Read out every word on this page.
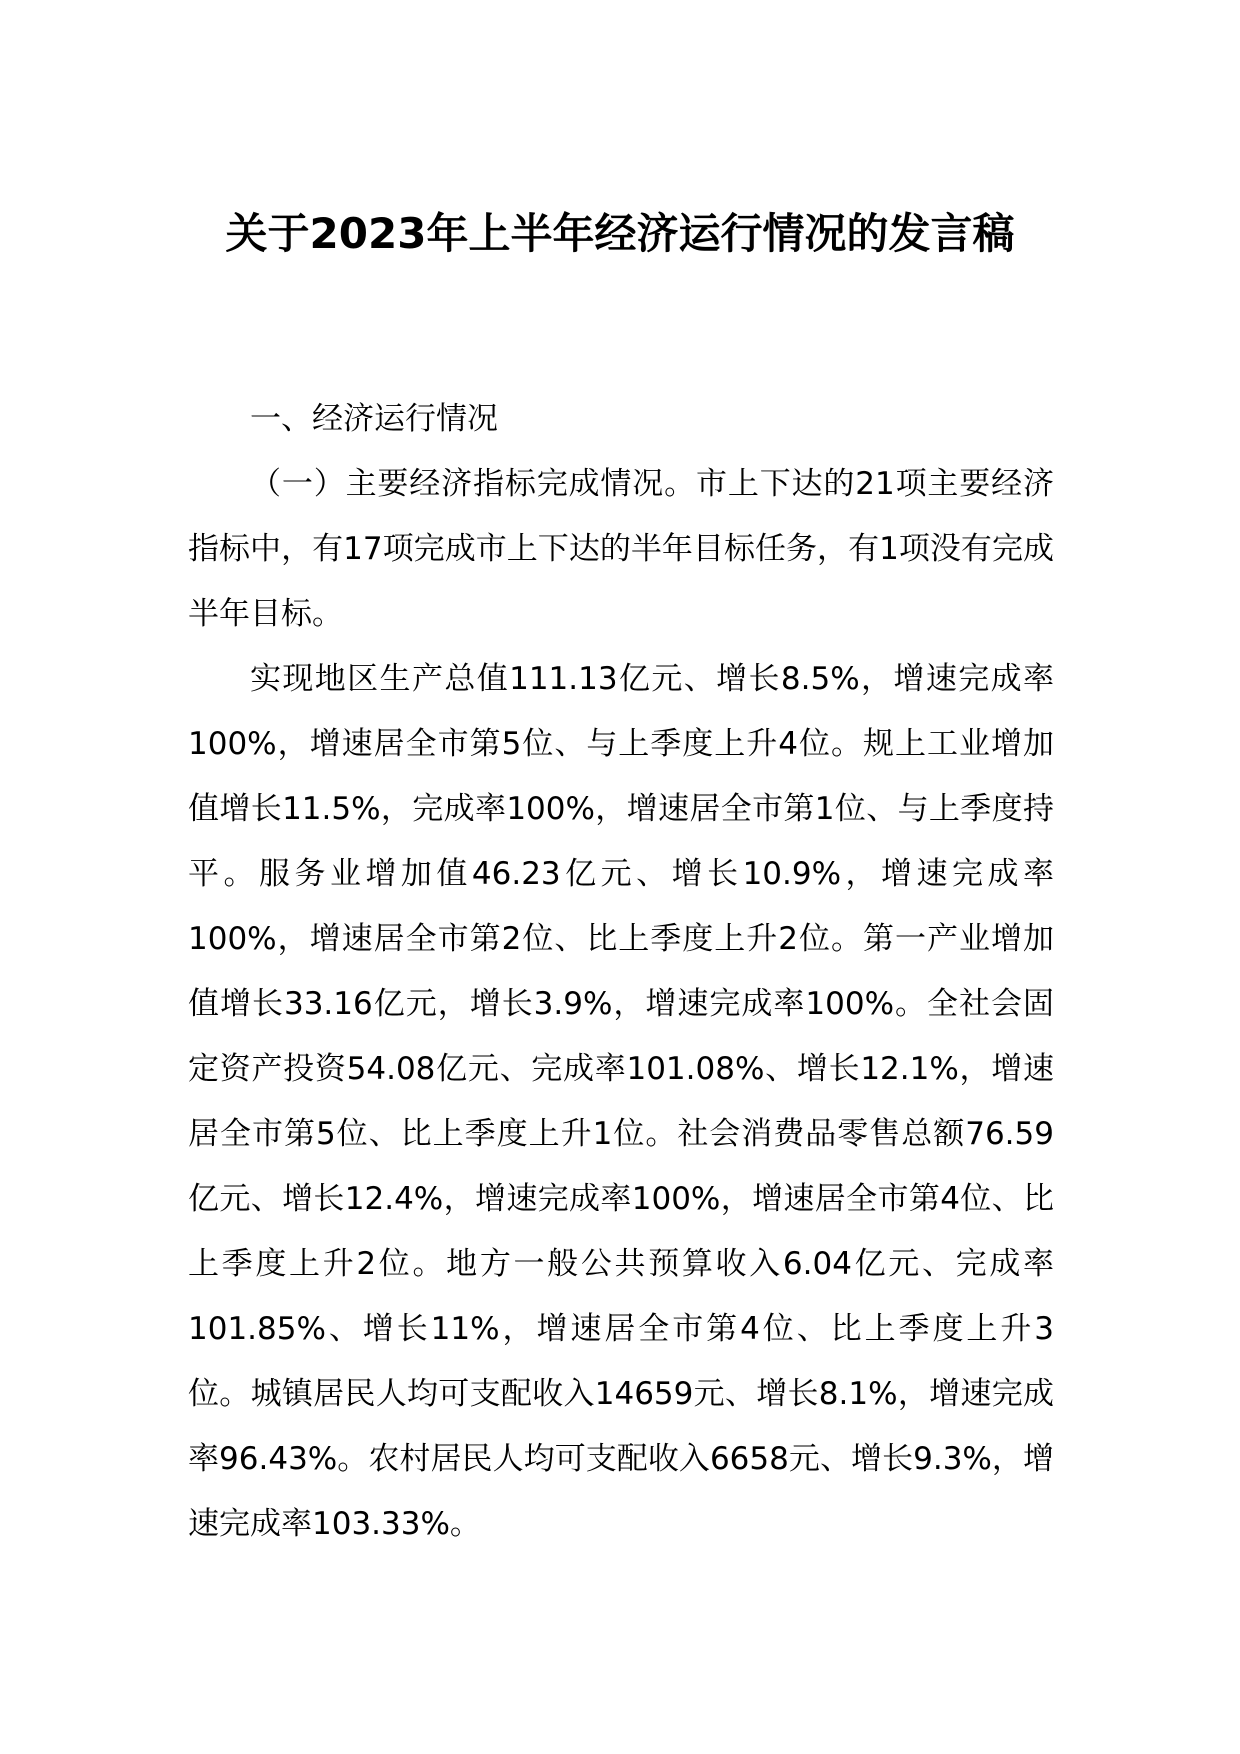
关于2023年上半年经济运行情况的发言稿

一、经济运行情况

（一）主要经济指标完成情况。市上下达的21项主要经济指标中，有17项完成市上下达的半年目标任务，有1项没有完成半年目标。

实现地区生产总值111.13亿元、增长8.5%，增速完成率100%，增速居全市第5位、与上季度上升4位。规上工业增加值增长11.5%，完成率100%，增速居全市第1位、与上季度持平。服务业增加值46.23亿元、增长10.9%，增速完成率100%，增速居全市第2位、比上季度上升2位。第一产业增加值增长33.16亿元，增长3.9%，增速完成率100%。全社会固定资产投资54.08亿元、完成率101.08%、增长12.1%，增速居全市第5位、比上季度上升1位。社会消费品零售总额76.59亿元、增长12.4%，增速完成率100%，增速居全市第4位、比上季度上升2位。地方一般公共预算收入6.04亿元、完成率101.85%、增长11%，增速居全市第4位、比上季度上升3位。城镇居民人均可支配收入14659元、增长8.1%，增速完成率96.43%。农村居民人均可支配收入6658元、增长9.3%，增速完成率103.33%。
